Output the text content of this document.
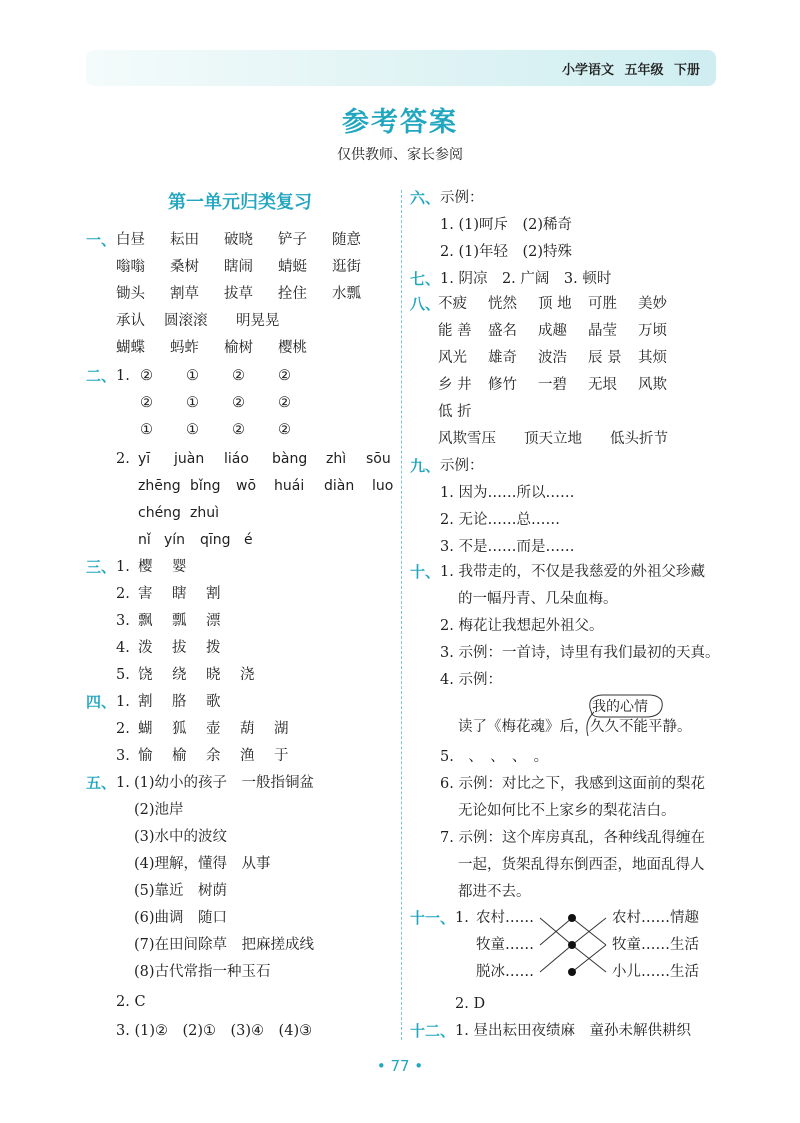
小学语文 五年级 下册
参考答案
仅供教师、家长参阅
第一单元归类复习
一、 白昼 耘田 破晓 铲子 随意
嗡嗡 桑树 瞎闹 蜻蜓 逛街
锄头 割草 拔草 拴住 水瓢
承认 圆滚滚 明晃晃
蝴蝶 蚂蚱 榆树 樱桃
二、 1. ② ① ② ②
② ① ② ②
① ① ② ②
2. yī juàn liáo bàng zhì sōu
zhēng bǐng wō huái diàn luo
chéng zhuì
nǐ yín qīng é
三、 1. 樱 婴
2. 害 瞎 割
3. 飘 瓢 漂
4. 泼 拔 拨
5. 饶 绕 晓 浇
四、 1. 割 胳 歌
2. 蝴 狐 壶 葫 湖
3. 愉 榆 余 渔 于
五、 1. (1)幼小的孩子　一般指铜盆
(2)池岸
(3)水中的波纹
(4)理解，懂得　从事
(5)靠近　树荫
(6)曲调　随口
(7)在田间除草　把麻搓成线
(8)古代常指一种玉石
2. C
3. (1)②　(2)①　(3)④　(4)③
六、 示例：
1. (1)呵斥　(2)稀奇
2. (1)年轻　(2)特殊
七、 1. 阴凉　2. 广阔　3. 顿时
八、
不疲 恍然 顶 地 可胜 美妙
能 善 盛名 成趣 晶莹 万顷
风光 雄奇 波浩 辰 景 其烦
乡 井 修竹 一碧 无垠 风欺
低 折
风欺雪压 顶天立地 低头折节
九、 示例：
1. 因为……所以……
2. 无论……总……
3. 不是……而是……
十、 1. 我带走的，不仅是我慈爱的外祖父珍藏
的一幅丹青、几朵血梅。
2. 梅花让我想起外祖父。
3. 示例：一首诗，诗里有我们最初的天真。
4. 示例：
我的心情
读了《梅花魂》后， 久久不能平静。
5.　、　、　、　。
6. 示例：对比之下，我感到这面前的梨花
无论如何比不上家乡的梨花洁白。
7. 示例：这个库房真乱，各种线乱得缠在
一起，货架乱得东倒西歪，地面乱得人
都进不去。
十一、 1. 农村……
牧童……
脱冰……
农村……情趣
牧童……生活
小儿……生活
2. D
十二、 1. 昼出耘田夜绩麻　童孙未解供耕织
• 77 •
